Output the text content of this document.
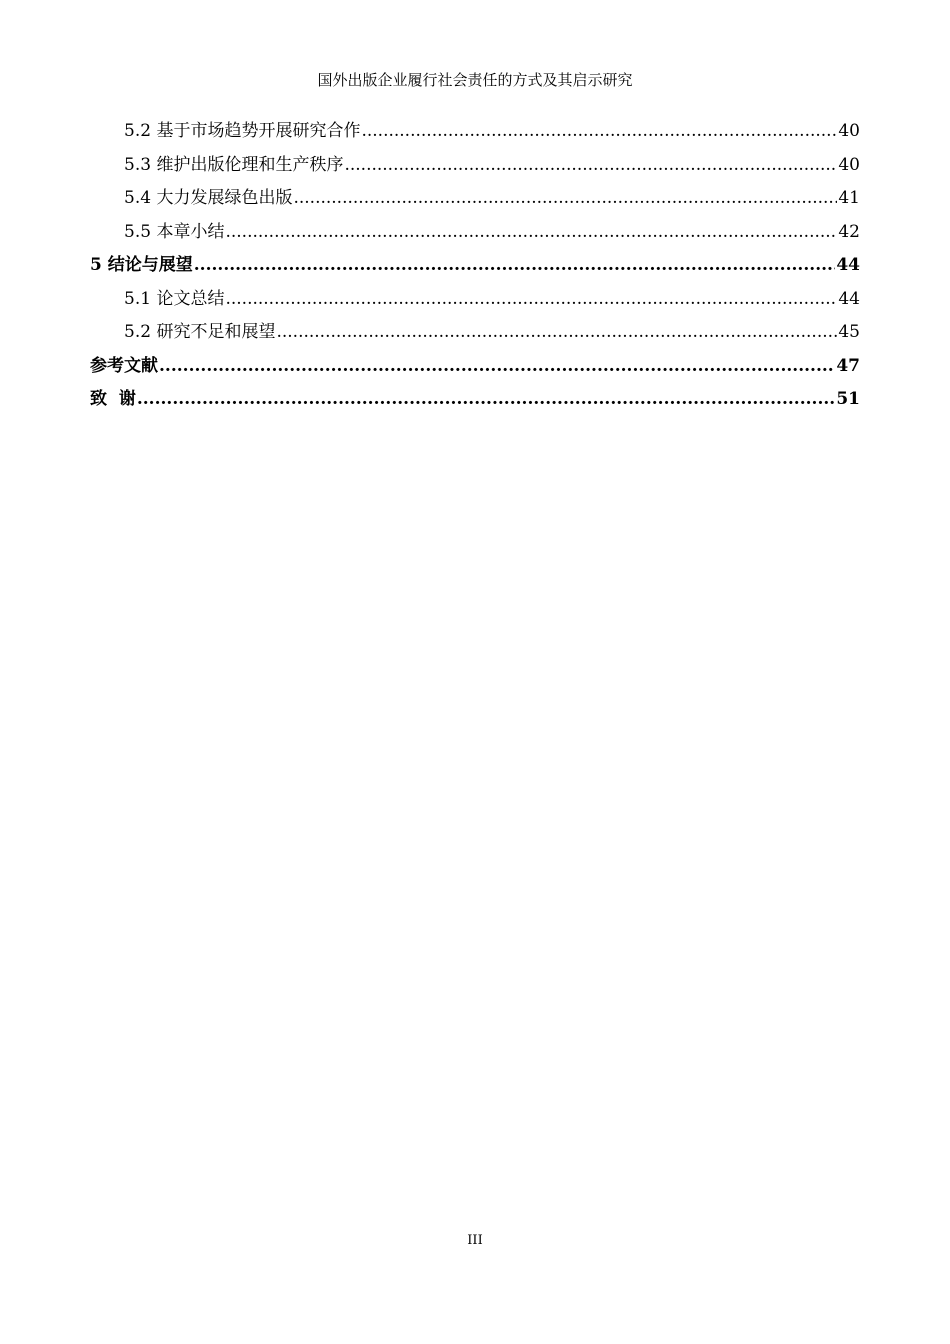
国外出版企业履行社会责任的方式及其启示研究
5.2 基于市场趋势开展研究合作 .....	40
5.3 维护出版伦理和生产秩序 .....	40
5.4 大力发展绿色出版 .....	41
5.5 本章小结 .....	42
5 结论与展望 .....	44
5.1 论文总结 .....	44
5.2 研究不足和展望 .....	45
参考文献 .....	47
致  谢 .....	51
III
